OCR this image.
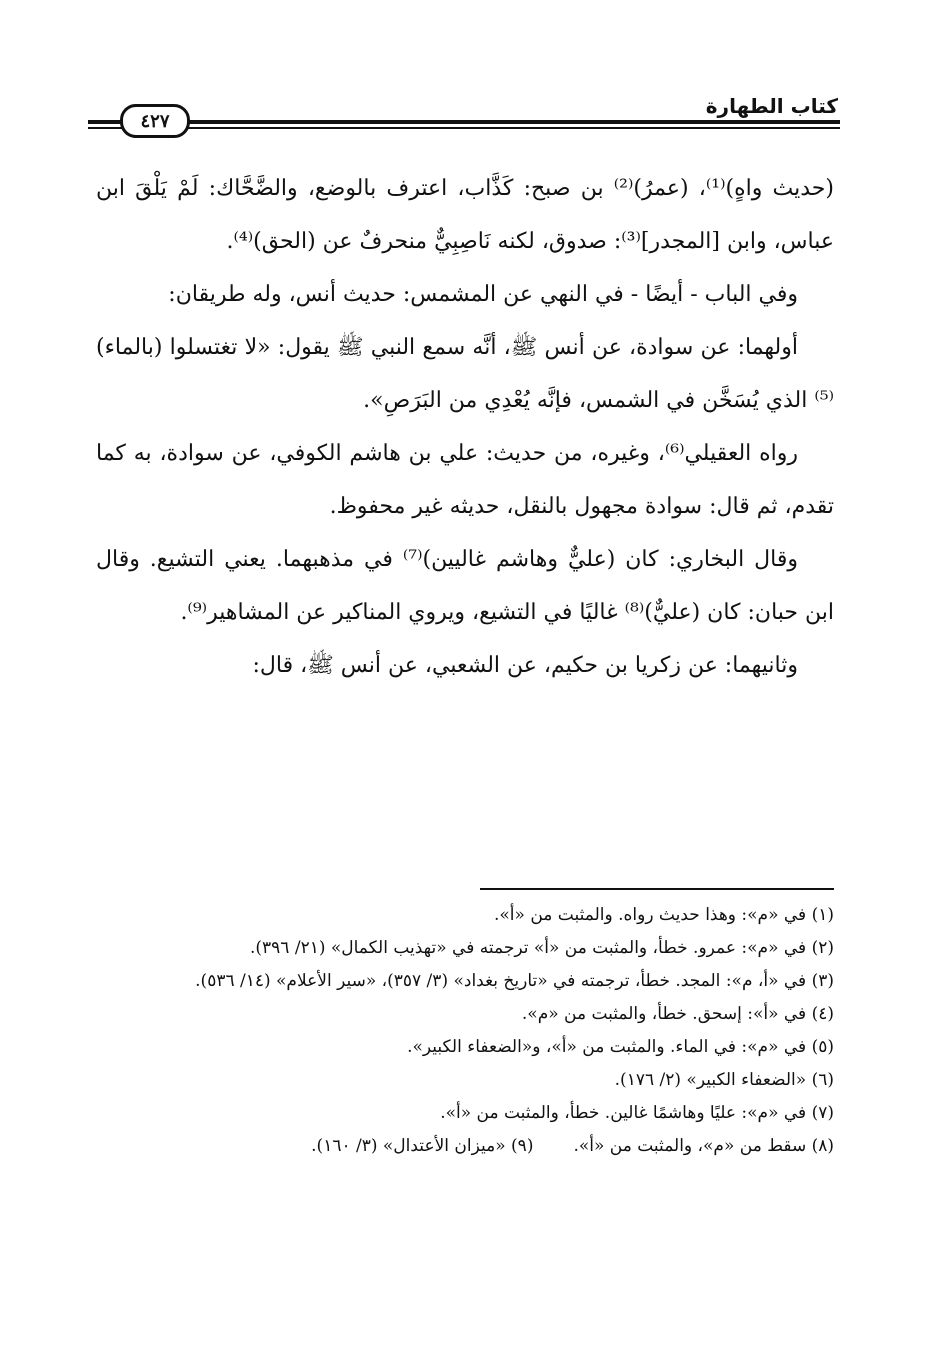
كتاب الطهارة
٤٢٧

(حديث واهٍ)⁽¹⁾، (عمرُ)⁽²⁾ بن صبح: كَذَّاب، اعترف بالوضع، والضَّحَّاك: لَمْ يَلْقَ ابن عباس، وابن [المجدر]⁽³⁾: صدوق، لكنه نَاصِبِيٌّ منحرفٌ عن (الحق)⁽⁴⁾.

وفي الباب - أيضًا - في النهي عن المشمس: حديث أنس، وله طريقان:

أولهما: عن سوادة، عن أنس ﷺ، أنَّه سمع النبي ﷺ يقول: «لا تغتسلوا (بالماء)⁽⁵⁾ الذي يُسَخَّن في الشمس، فإنَّه يُعْدِي من البَرَصِ».

رواه العقيلي⁽⁶⁾، وغيره، من حديث: علي بن هاشم الكوفي، عن سوادة، به كما تقدم، ثم قال: سوادة مجهول بالنقل، حديثه غير محفوظ.

وقال البخاري: كان (عليٌّ وهاشم غاليين)⁽⁷⁾ في مذهبهما. يعني التشيع. وقال ابن حبان: كان (عليٌّ)⁽⁸⁾ غاليًا في التشيع، ويروي المناكير عن المشاهير⁽⁹⁾.

وثانيهما: عن زكريا بن حكيم، عن الشعبي، عن أنس ﷺ، قال:

(١) في «م»: وهذا حديث رواه. والمثبت من «أ».

(٢) في «م»: عمرو. خطأ، والمثبت من «أ» ترجمته في «تهذيب الكمال» (٢١/ ٣٩٦).

(٣) في «أ، م»: المجد. خطأ، ترجمته في «تاريخ بغداد» (٣/ ٣٥٧)، «سير الأعلام» (١٤/ ٥٣٦).

(٤) في «أ»: إسحق. خطأ، والمثبت من «م».

(٥) في «م»: في الماء. والمثبت من «أ»، و«الضعفاء الكبير».

(٦) «الضعفاء الكبير» (٢/ ١٧٦).

(٧) في «م»: عليًا وهاشمًا غالين. خطأ، والمثبت من «أ».

(٨) سقط من «م»، والمثبت من «أ».
(٩) «ميزان الأعتدال» (٣/ ١٦٠).
